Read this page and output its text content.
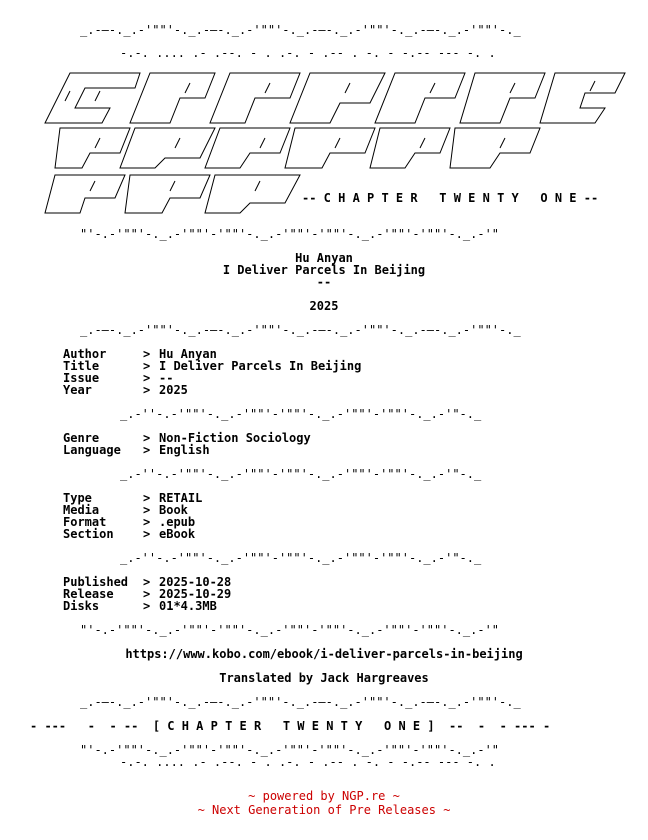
_.-–-._.-'""'-._.-–-._.-'""'-._.-–-._.-'""'-._.-–-._.-'""'-._
-.-. .... .- .--. - . .-. - .-- . -. - -.-- --- -. .
-- C H A P T E R   T W E N T Y   O N E --
"'-.-'""'-._.-'""'-'""'-._.-'""'-'""'-._.-'""'-'""'-._.-'"
Hu Anyan
I Deliver Parcels In Beijing
--
2025
_.-–-._.-'""'-._.-–-._.-'""'-._.-–-._.-'""'-._.-–-._.-'""'-._
Author	> Hu Anyan
Title	> I Deliver Parcels In Beijing
Issue	> --
Year	> 2025
_.-''-.-'""'-._.-'""'-'""'-._.-'""'-'""'-._.-'"-._
Genre	> Non-Fiction Sociology
Language > English
_.-''-.-'""'-._.-'""'-'""'-._.-'""'-'""'-._.-'"-._
Type	> RETAIL
Media	> Book
Format	> .epub
Section > eBook
_.-''-.-'""'-._.-'""'-'""'-._.-'""'-'""'-._.-'"-._
Published > 2025-10-28
Release > 2025-10-29
Disks	> 01*4.3MB
"'-.-'""'-._.-'""'-'""'-._.-'""'-'""'-._.-'""'-'""'-._.-'"
https://www.kobo.com/ebook/i-deliver-parcels-in-beijing
Translated by Jack Hargreaves
_.-–-._.-'""'-._.-–-._.-'""'-._.-–-._.-'""'-._.-–-._.-'""'-._
- ---   -  - --  [ C H A P T E R   T W E N T Y   O N E ]  --  -  - --- -
"'-.-'""'-._.-'""'-'""'-._.-'""'-'""'-._.-'""'-'""'-._.-'"
-.-. .... .- .--. - . .-. - .-- . -. - -.-- --- -. .
~ powered by NGP.re ~
~ Next Generation of Pre Releases ~
